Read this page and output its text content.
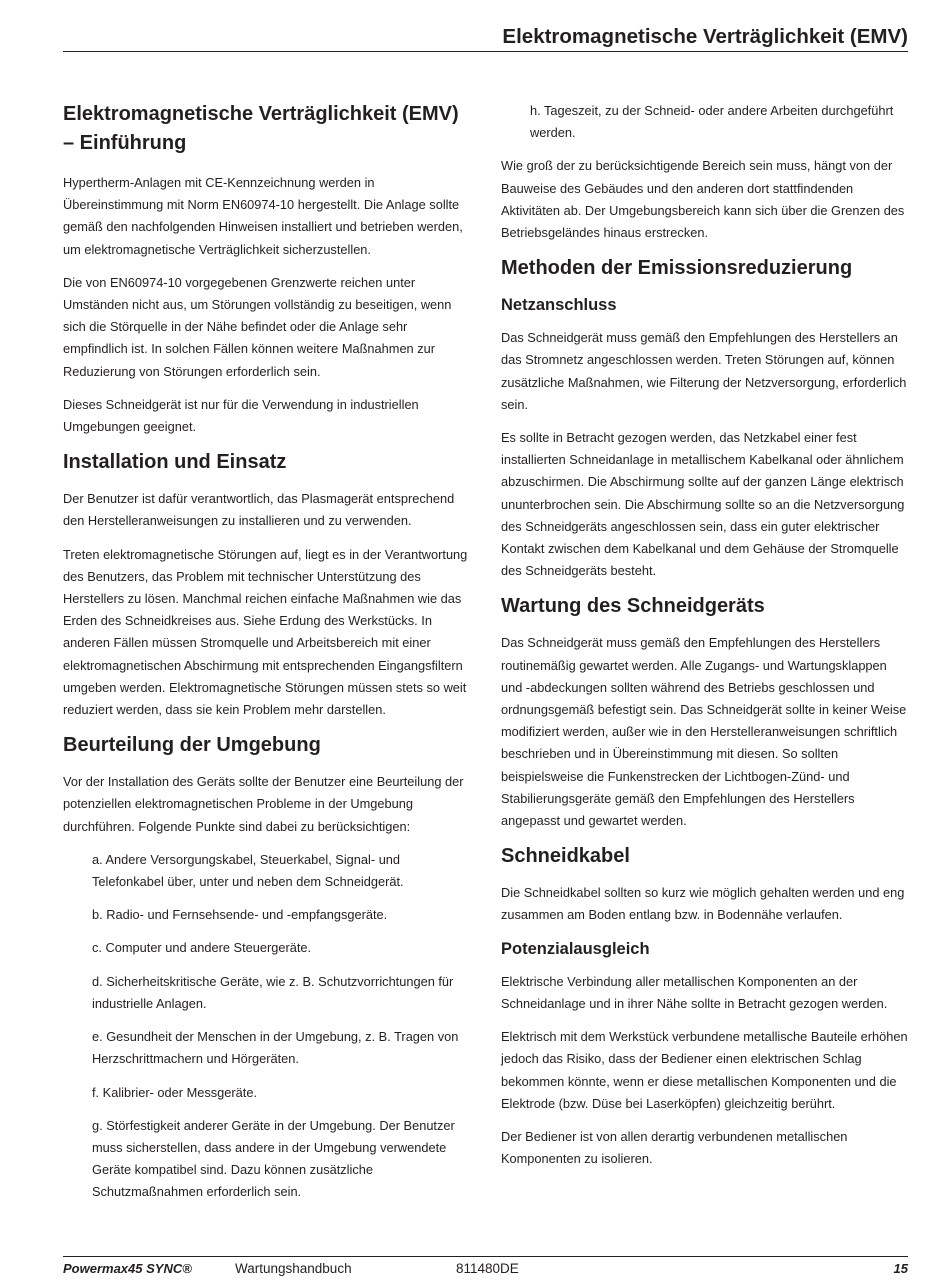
Elektromagnetische Verträglichkeit (EMV)
Elektromagnetische Verträglichkeit (EMV) – Einführung

Hypertherm-Anlagen mit CE-Kennzeichnung werden in Übereinstimmung mit Norm EN60974-10 hergestellt. Die Anlage sollte gemäß den nachfolgenden Hinweisen installiert und betrieben werden, um elektromagnetische Verträglichkeit sicherzustellen.

Die von EN60974-10 vorgegebenen Grenzwerte reichen unter Umständen nicht aus, um Störungen vollständig zu beseitigen, wenn sich die Störquelle in der Nähe befindet oder die Anlage sehr empfindlich ist. In solchen Fällen können weitere Maßnahmen zur Reduzierung von Störungen erforderlich sein.

Dieses Schneidgerät ist nur für die Verwendung in industriellen Umgebungen geeignet.

Installation und Einsatz

Der Benutzer ist dafür verantwortlich, das Plasmagerät entsprechend den Herstelleranweisungen zu installieren und zu verwenden.

Treten elektromagnetische Störungen auf, liegt es in der Verantwortung des Benutzers, das Problem mit technischer Unterstützung des Herstellers zu lösen. Manchmal reichen einfache Maßnahmen wie das Erden des Schneidkreises aus. Siehe Erdung des Werkstücks. In anderen Fällen müssen Stromquelle und Arbeitsbereich mit einer elektromagnetischen Abschirmung mit entsprechenden Eingangsfiltern umgeben werden. Elektromagnetische Störungen müssen stets so weit reduziert werden, dass sie kein Problem mehr darstellen.

Beurteilung der Umgebung

Vor der Installation des Geräts sollte der Benutzer eine Beurteilung der potenziellen elektromagnetischen Probleme in der Umgebung durchführen. Folgende Punkte sind dabei zu berücksichtigen:

a. Andere Versorgungskabel, Steuerkabel, Signal- und Telefonkabel über, unter und neben dem Schneidgerät.

b. Radio- und Fernsehsende- und -empfangsgeräte.

c. Computer und andere Steuergeräte.

d. Sicherheitskritische Geräte, wie z. B. Schutzvorrichtungen für industrielle Anlagen.

e. Gesundheit der Menschen in der Umgebung, z. B. Tragen von Herzschrittmachern und Hörgeräten.

f. Kalibrier- oder Messgeräte.

g. Störfestigkeit anderer Geräte in der Umgebung. Der Benutzer muss sicherstellen, dass andere in der Umgebung verwendete Geräte kompatibel sind. Dazu können zusätzliche Schutzmaßnahmen erforderlich sein.

h. Tageszeit, zu der Schneid- oder andere Arbeiten durchgeführt werden.

Wie groß der zu berücksichtigende Bereich sein muss, hängt von der Bauweise des Gebäudes und den anderen dort stattfindenden Aktivitäten ab. Der Umgebungsbereich kann sich über die Grenzen des Betriebsgeländes hinaus erstrecken.

Methoden der Emissionsreduzierung
Netzanschluss

Das Schneidgerät muss gemäß den Empfehlungen des Herstellers an das Stromnetz angeschlossen werden. Treten Störungen auf, können zusätzliche Maßnahmen, wie Filterung der Netzversorgung, erforderlich sein.

Es sollte in Betracht gezogen werden, das Netzkabel einer fest installierten Schneidanlage in metallischem Kabelkanal oder ähnlichem abzuschirmen. Die Abschirmung sollte auf der ganzen Länge elektrisch ununterbrochen sein. Die Abschirmung sollte so an die Netzversorgung des Schneidgeräts angeschlossen sein, dass ein guter elektrischer Kontakt zwischen dem Kabelkanal und dem Gehäuse der Stromquelle des Schneidgeräts besteht.

Wartung des Schneidgeräts

Das Schneidgerät muss gemäß den Empfehlungen des Herstellers routinemäßig gewartet werden. Alle Zugangs- und Wartungsklappen und -abdeckungen sollten während des Betriebs geschlossen und ordnungsgemäß befestigt sein. Das Schneidgerät sollte in keiner Weise modifiziert werden, außer wie in den Herstelleranweisungen schriftlich beschrieben und in Übereinstimmung mit diesen. So sollten beispielsweise die Funkenstrecken der Lichtbogen-Zünd- und Stabilierungsgeräte gemäß den Empfehlungen des Herstellers angepasst und gewartet werden.

Schneidkabel

Die Schneidkabel sollten so kurz wie möglich gehalten werden und eng zusammen am Boden entlang bzw. in Bodennähe verlaufen.

Potenzialausgleich

Elektrische Verbindung aller metallischen Komponenten an der Schneidanlage und in ihrer Nähe sollte in Betracht gezogen werden.

Elektrisch mit dem Werkstück verbundene metallische Bauteile erhöhen jedoch das Risiko, dass der Bediener einen elektrischen Schlag bekommen könnte, wenn er diese metallischen Komponenten und die Elektrode (bzw. Düse bei Laserköpfen) gleichzeitig berührt.

Der Bediener ist von allen derartig verbundenen metallischen Komponenten zu isolieren.

Powermax45 SYNC®	Wartungshandbuch	811480DE	15
